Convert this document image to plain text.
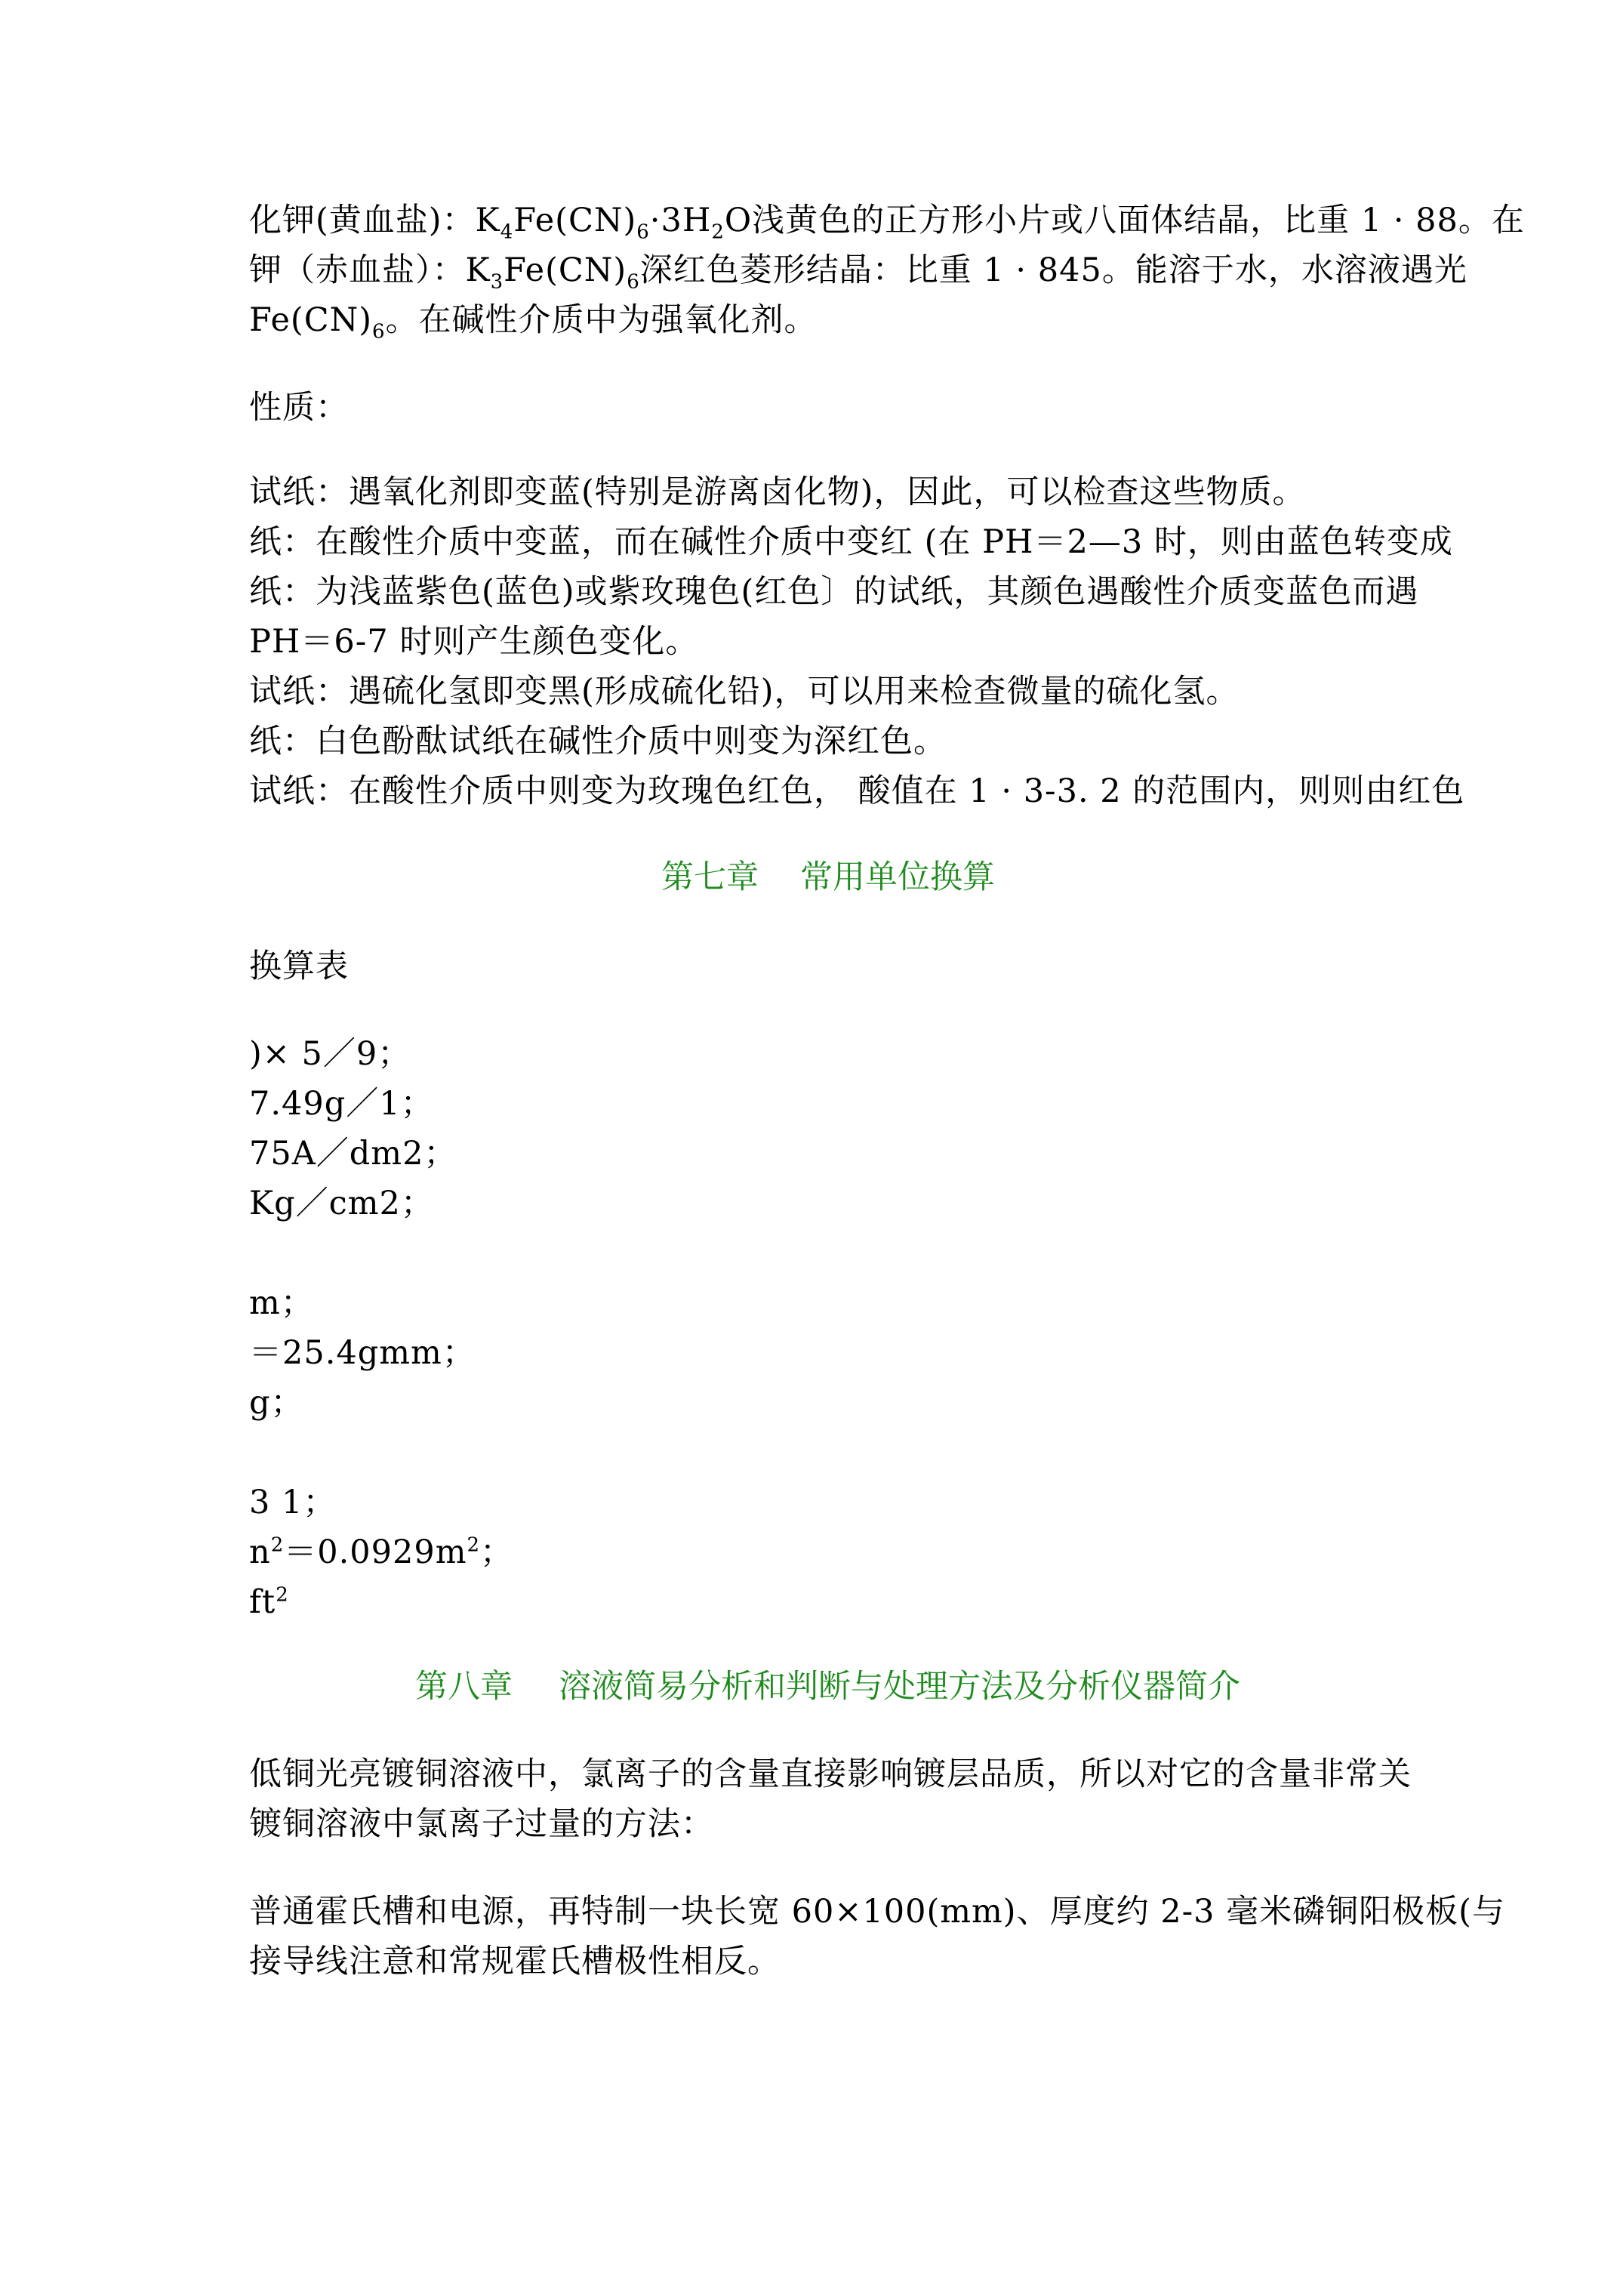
化钾(黄血盐)：$K_4Fe(CN)_6\cdot 3H_2O$浅黄色的正方形小片或八面体结晶，比重 1 · 88。在
钾（赤血盐）：$K_3Fe(CN)_6$深红色菱形结晶：比重 1 · 845。能溶于水，水溶液遇光
$Fe(CN)_6$。在碱性介质中为强氧化剂。
性质：
试纸：遇氧化剂即变蓝(特别是游离卤化物)，因此，可以检查这些物质。
纸：在酸性介质中变蓝，而在碱性介质中变红 (在 PH＝2—3 时，则由蓝色转变成
纸：为浅蓝紫色(蓝色)或紫玫瑰色(红色〕的试纸，其颜色遇酸性介质变蓝色而遇
PH＝6-7 时则产生颜色变化。
试纸：遇硫化氢即变黑(形成硫化铅)，可以用来检查微量的硫化氢。
纸：白色酚酞试纸在碱性介质中则变为深红色。
试纸：在酸性介质中则变为玫瑰色红色， 酸值在 1 · 3-3. 2 的范围内，则则由红色
第七章 常用单位换算
换算表
)× 5／9；
7.49g／1；
75A／dm2；
Kg／cm2；
m；
＝25.4gmm；
g；
3 1；
$n^2=0.0929m^2$；
$ft^2$
第八章 溶液简易分析和判断与处理方法及分析仪器简介
低铜光亮镀铜溶液中，氯离子的含量直接影响镀层品质，所以对它的含量非常关
镀铜溶液中氯离子过量的方法：
普通霍氏槽和电源，再特制一块长宽 60×100(mm)、厚度约 2-3 毫米磷铜阳极板(与
接导线注意和常规霍氏槽极性相反。
